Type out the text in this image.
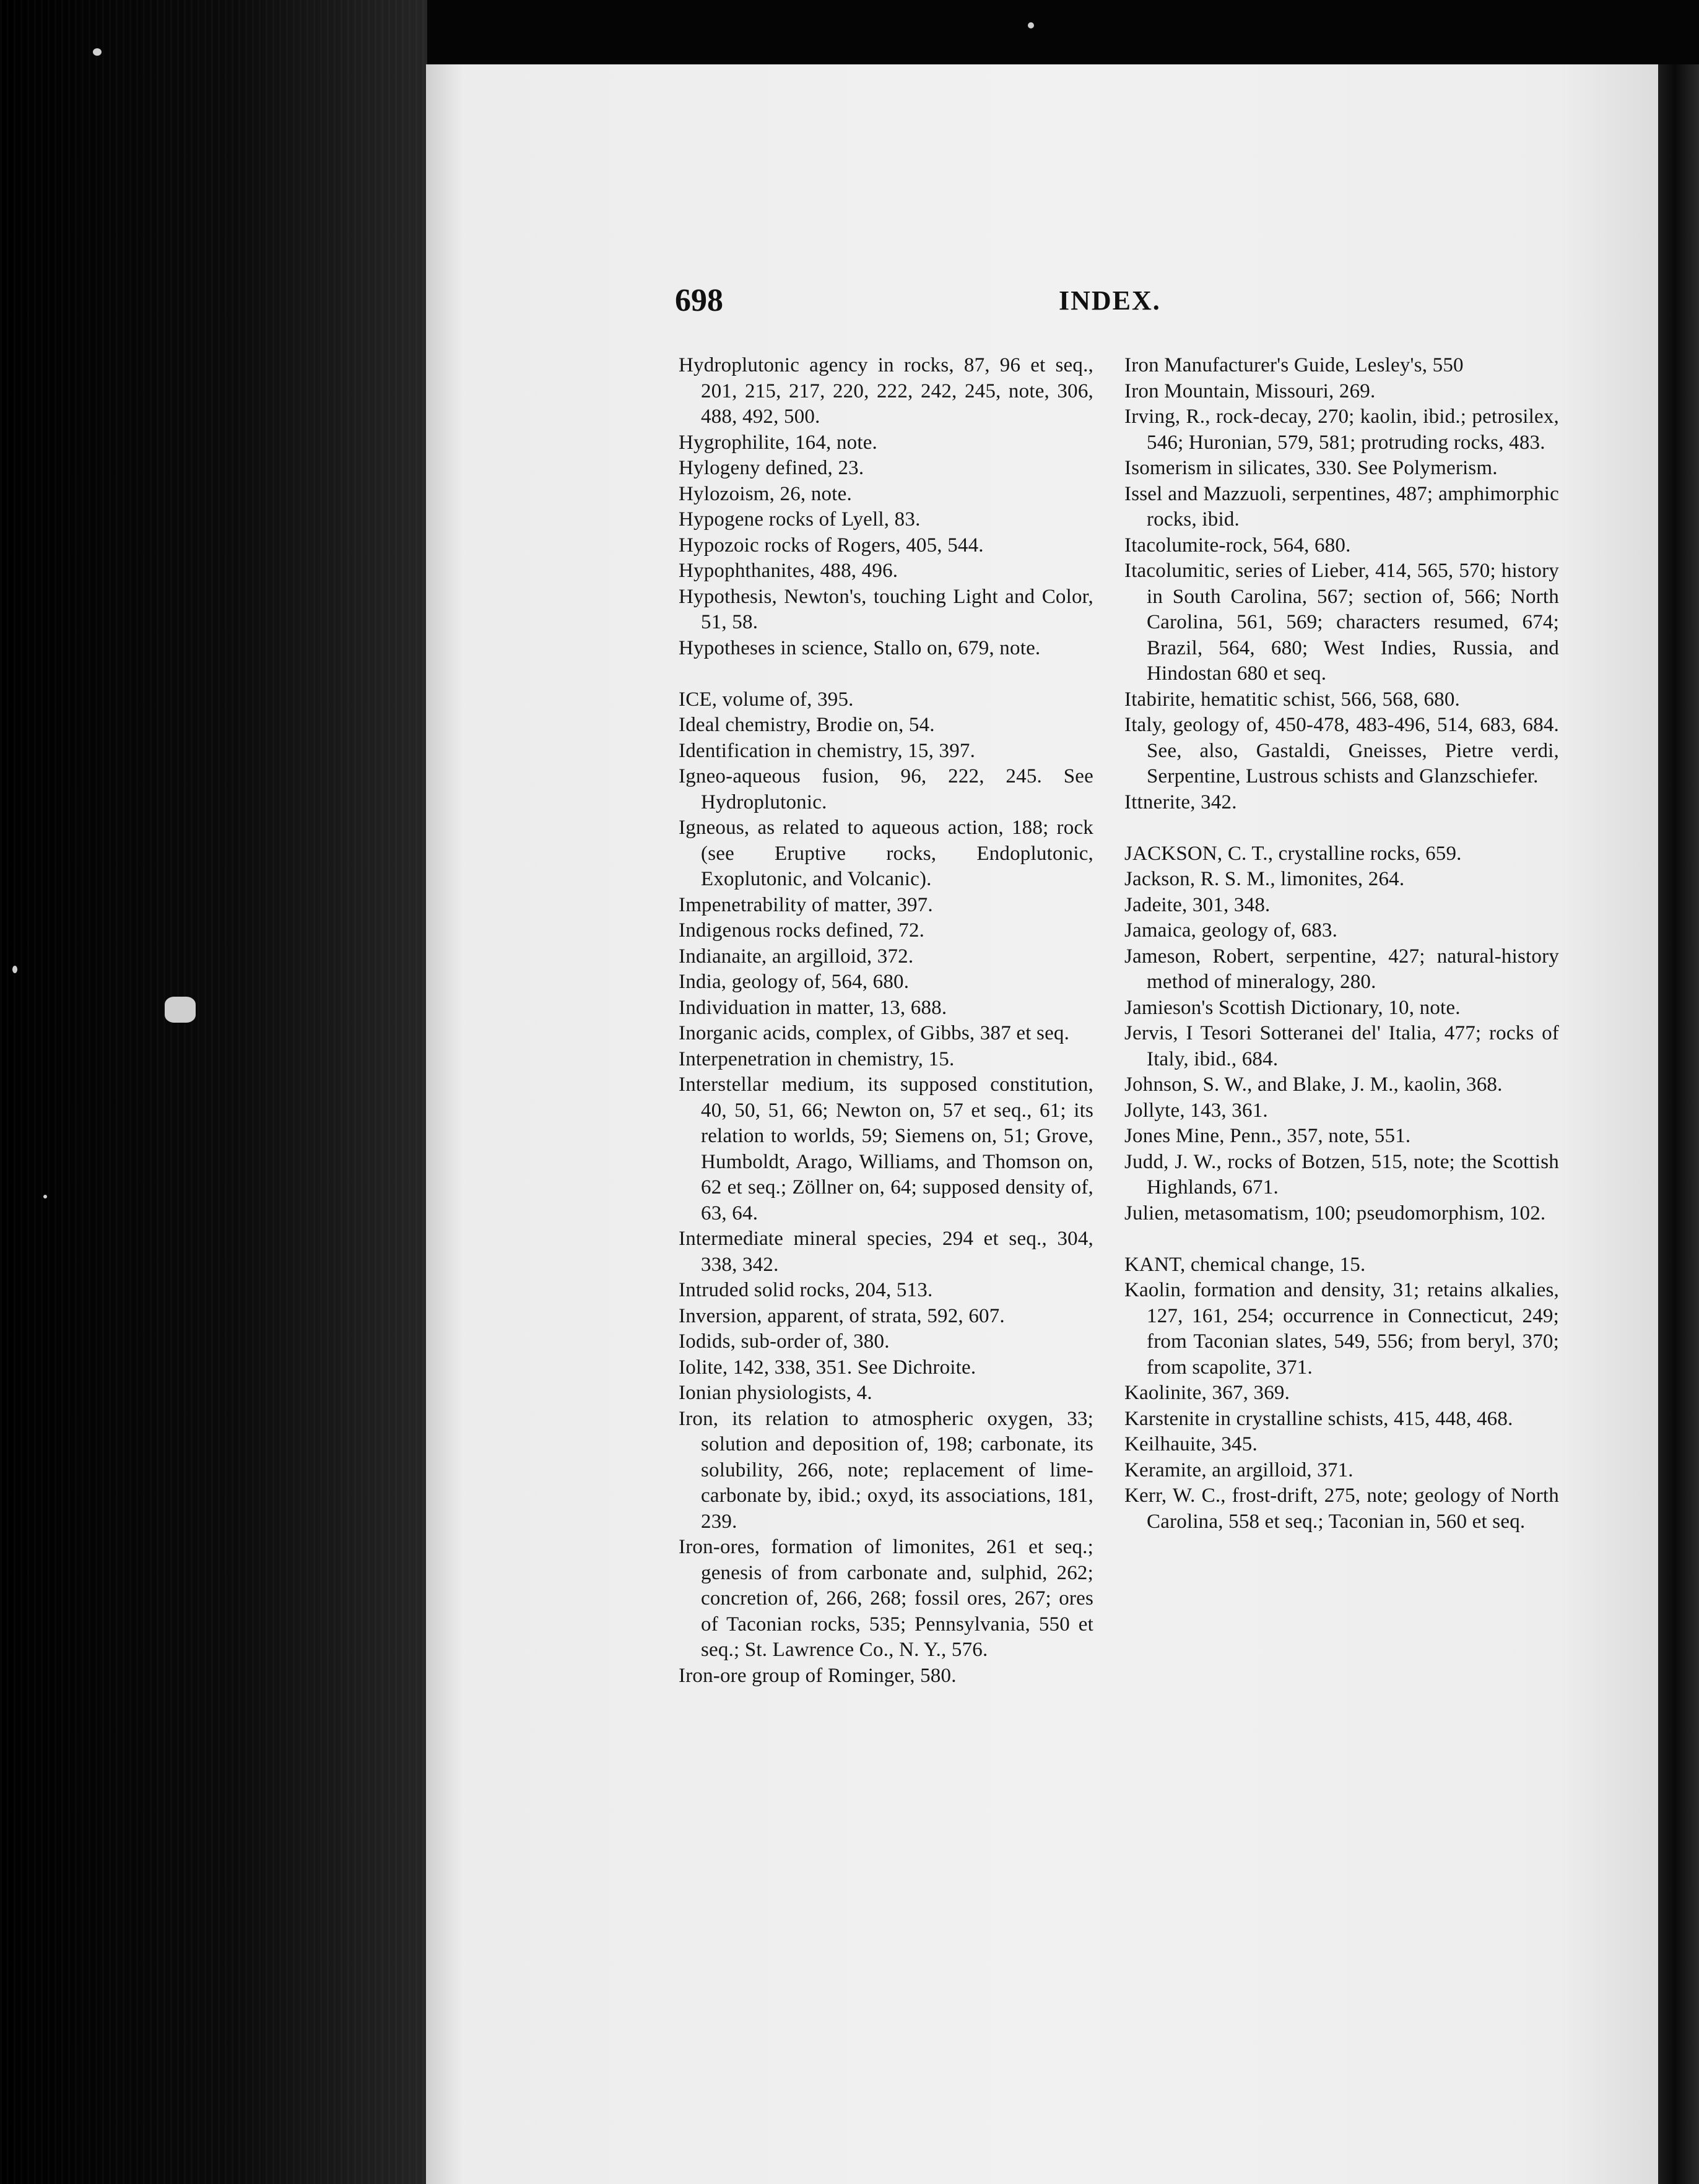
698	INDEX.

Hydroplutonic agency in rocks, 87, 96 et seq., 201, 215, 217, 220, 222, 242, 245, note, 306, 488, 492, 500.

Hygrophilite, 164, note.

Hylogeny defined, 23.

Hylozoism, 26, note.

Hypogene rocks of Lyell, 83.

Hypozoic rocks of Rogers, 405, 544.

Hypophthanites, 488, 496.

Hypothesis, Newton's, touching Light and Color, 51, 58.

Hypotheses in science, Stallo on, 679, note.

ICE, volume of, 395.

Ideal chemistry, Brodie on, 54.

Identification in chemistry, 15, 397.

Igneo-aqueous fusion, 96, 222, 245. See Hydroplutonic.

Igneous, as related to aqueous action, 188; rock (see Eruptive rocks, Endoplutonic, Exoplutonic, and Volcanic).

Impenetrability of matter, 397.

Indigenous rocks defined, 72.

Indianaite, an argilloid, 372.

India, geology of, 564, 680.

Individuation in matter, 13, 688.

Inorganic acids, complex, of Gibbs, 387 et seq.

Interpenetration in chemistry, 15.

Interstellar medium, its supposed constitution, 40, 50, 51, 66; Newton on, 57 et seq., 61; its relation to worlds, 59; Siemens on, 51; Grove, Humboldt, Arago, Williams, and Thomson on, 62 et seq.; Zöllner on, 64; supposed density of, 63, 64.

Intermediate mineral species, 294 et seq., 304, 338, 342.

Intruded solid rocks, 204, 513.

Inversion, apparent, of strata, 592, 607.

Iodids, sub-order of, 380.

Iolite, 142, 338, 351. See Dichroite.

Ionian physiologists, 4.

Iron, its relation to atmospheric oxygen, 33; solution and deposition of, 198; carbonate, its solubility, 266, note; replacement of lime-carbonate by, ibid.; oxyd, its associations, 181, 239.

Iron-ores, formation of limonites, 261 et seq.; genesis of from carbonate and, sulphid, 262; concretion of, 266, 268; fossil ores, 267; ores of Taconian rocks, 535; Pennsylvania, 550 et seq.; St. Lawrence Co., N. Y., 576.

Iron-ore group of Rominger, 580.

Iron Manufacturer's Guide, Lesley's, 550

Iron Mountain, Missouri, 269.

Irving, R., rock-decay, 270; kaolin, ibid.; petrosilex, 546; Huronian, 579, 581; protruding rocks, 483.

Isomerism in silicates, 330. See Polymerism.

Issel and Mazzuoli, serpentines, 487; amphimorphic rocks, ibid.

Itacolumite-rock, 564, 680.

Itacolumitic, series of Lieber, 414, 565, 570; history in South Carolina, 567; section of, 566; North Carolina, 561, 569; characters resumed, 674; Brazil, 564, 680; West Indies, Russia, and Hindostan 680 et seq.

Itabirite, hematitic schist, 566, 568, 680.

Italy, geology of, 450-478, 483-496, 514, 683, 684. See, also, Gastaldi, Gneisses, Pietre verdi, Serpentine, Lustrous schists and Glanzschiefer.

Ittnerite, 342.

JACKSON, C. T., crystalline rocks, 659.

Jackson, R. S. M., limonites, 264.

Jadeite, 301, 348.

Jamaica, geology of, 683.

Jameson, Robert, serpentine, 427; natural-history method of mineralogy, 280.

Jamieson's Scottish Dictionary, 10, note.

Jervis, I Tesori Sotteranei del' Italia, 477; rocks of Italy, ibid., 684.

Johnson, S. W., and Blake, J. M., kaolin, 368.

Jollyte, 143, 361.

Jones Mine, Penn., 357, note, 551.

Judd, J. W., rocks of Botzen, 515, note; the Scottish Highlands, 671.

Julien, metasomatism, 100; pseudomorphism, 102.

KANT, chemical change, 15.

Kaolin, formation and density, 31; retains alkalies, 127, 161, 254; occurrence in Connecticut, 249; from Taconian slates, 549, 556; from beryl, 370; from scapolite, 371.

Kaolinite, 367, 369.

Karstenite in crystalline schists, 415, 448, 468.

Keilhauite, 345.

Keramite, an argilloid, 371.

Kerr, W. C., frost-drift, 275, note; geology of North Carolina, 558 et seq.; Taconian in, 560 et seq.
